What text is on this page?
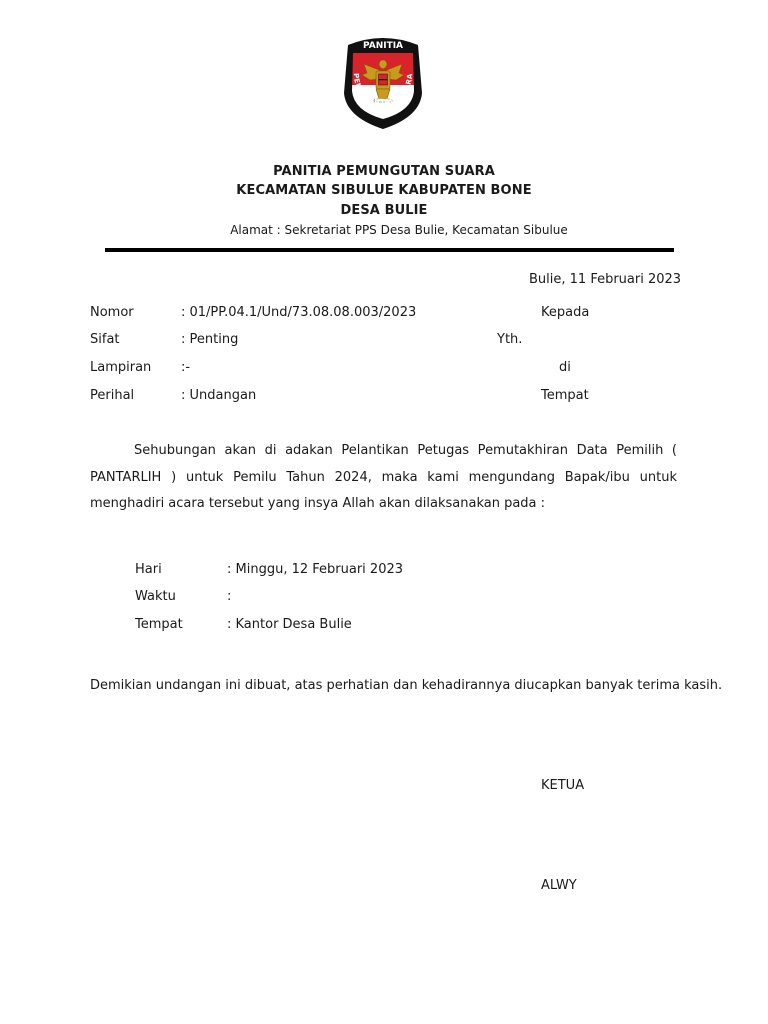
PANITIA
PEMUNGUTAN SUARA
PANITIA PEMUNGUTAN SUARA
KECAMATAN SIBULUE KABUPATEN BONE
DESA BULIE
Alamat : Sekretariat PPS Desa Bulie, Kecamatan Sibulue
Bulie, 11 Februari 2023
Nomor	: 01/PP.04.1/Und/73.08.08.003/2023
Sifat	: Penting
Lampiran :-
Perihal	: Undangan
Kepada
Yth.
di
Tempat
Sehubungan akan di adakan Pelantikan Petugas Pemutakhiran Data Pemilih ( PANTARLIH ) untuk Pemilu Tahun 2024, maka kami mengundang Bapak/ibu untuk menghadiri acara tersebut yang insya Allah akan dilaksanakan pada :
Hari	: Minggu, 12 Februari 2023
Waktu	:
Tempat	: Kantor Desa Bulie
Demikian undangan ini dibuat, atas perhatian dan kehadirannya diucapkan banyak terima kasih.
KETUA
ALWY
